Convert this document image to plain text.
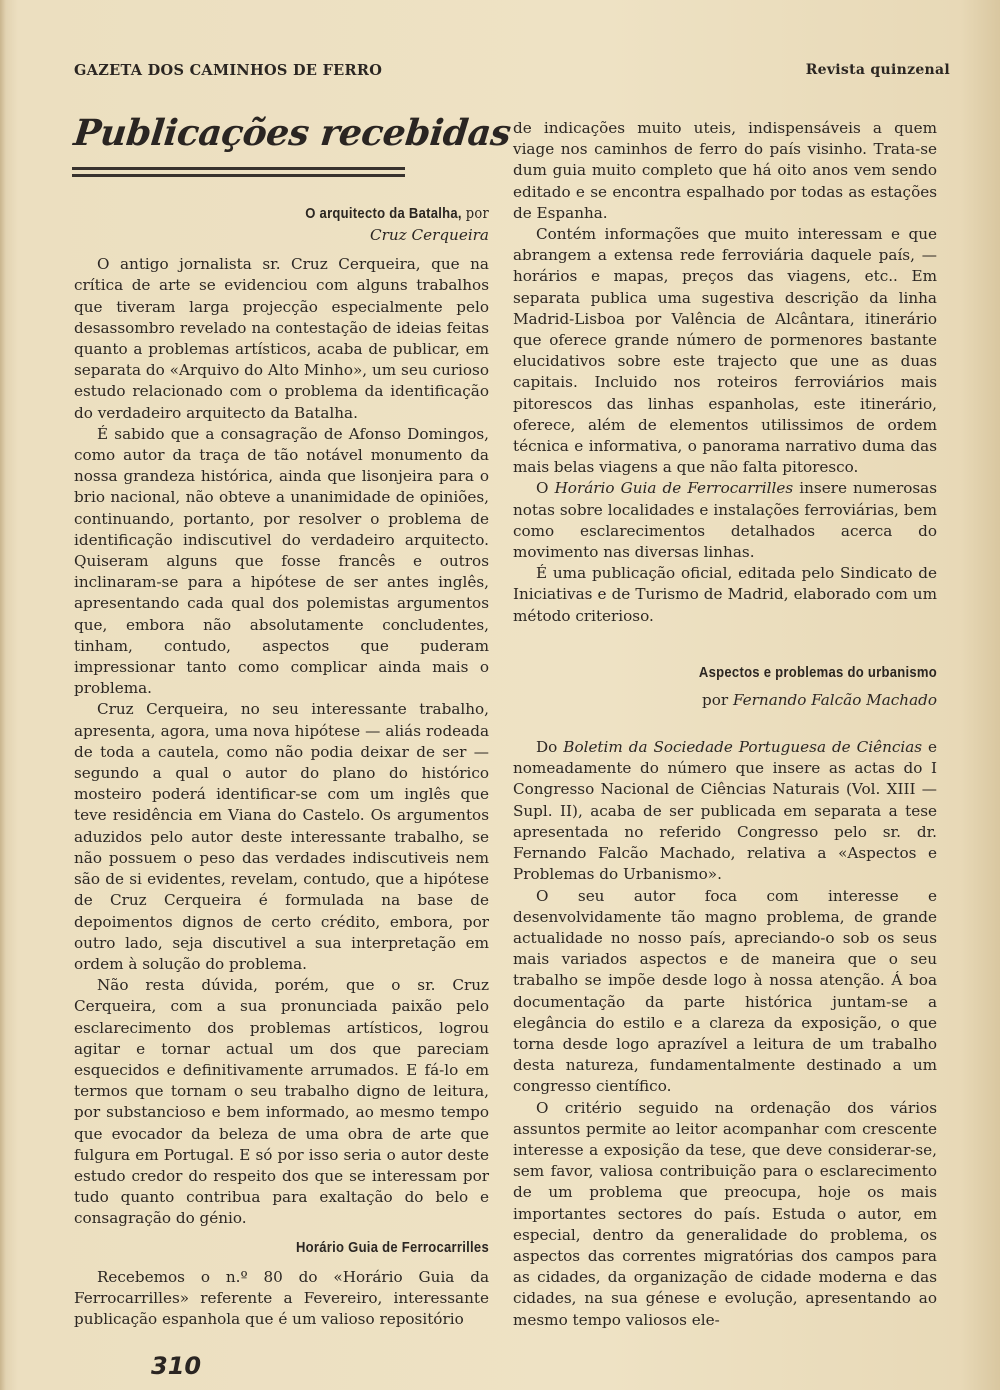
GAZETA DOS CAMINHOS DE FERRO	Revista quinzenal
Publicações recebidas

O arquitecto da Batalha, por

Cruz Cerqueira

O antigo jornalista sr. Cruz Cerqueira, que na crítica de arte se evidenciou com alguns trabalhos que tiveram larga projecção especialmente pelo desassombro revelado na contestação de ideias feitas quanto a problemas artísticos, acaba de publicar, em separata do «Arquivo do Alto Minho», um seu curioso estudo relacionado com o problema da identificação do verdadeiro arquitecto da Batalha.

É sabido que a consagração de Afonso Domingos, como autor da traça de tão notável monumento da nossa grandeza histórica, ainda que lisonjeira para o brio nacional, não obteve a unanimidade de opiniões, continuando, portanto, por resolver o problema de identificação indiscutivel do verdadeiro arquitecto. Quiseram alguns que fosse francês e outros inclinaram-se para a hipótese de ser antes inglês, apresentando cada qual dos polemistas argumentos que, embora não absolutamente concludentes, tinham, contudo, aspectos que puderam impressionar tanto como complicar ainda mais o problema.

Cruz Cerqueira, no seu interessante trabalho, apresenta, agora, uma nova hipótese — aliás rodeada de toda a cautela, como não podia deixar de ser — segundo a qual o autor do plano do histórico mosteiro poderá identificar-se com um inglês que teve residência em Viana do Castelo. Os argumentos aduzidos pelo autor deste interessante trabalho, se não possuem o peso das verdades indiscutiveis nem são de si evidentes, revelam, contudo, que a hipótese de Cruz Cerqueira é formulada na base de depoimentos dignos de certo crédito, embora, por outro lado, seja discutivel a sua interpretação em ordem à solução do problema.

Não resta dúvida, porém, que o sr. Cruz Cerqueira, com a sua pronunciada paixão pelo esclarecimento dos problemas artísticos, logrou agitar e tornar actual um dos que pareciam esquecidos e definitivamente arrumados. E fá-lo em termos que tornam o seu trabalho digno de leitura, por substancioso e bem informado, ao mesmo tempo que evocador da beleza de uma obra de arte que fulgura em Portugal. E só por isso seria o autor deste estudo credor do respeito dos que se interessam por tudo quanto contribua para exaltação do belo e consagração do génio.

Horário Guia de Ferrocarrilles

Recebemos o n.º 80 do «Horário Guia da Ferrocarrilles» referente a Fevereiro, interessante publicação espanhola que é um valioso repositório

de indicações muito uteis, indispensáveis a quem viage nos caminhos de ferro do país visinho. Trata-se dum guia muito completo que há oito anos vem sendo editado e se encontra espalhado por todas as estações de Espanha.

Contém informações que muito interessam e que abrangem a extensa rede ferroviária daquele país, — horários e mapas, preços das viagens, etc.. Em separata publica uma sugestiva descrição da linha Madrid-Lisboa por Valência de Alcântara, itinerário que oferece grande número de pormenores bastante elucidativos sobre este trajecto que une as duas capitais. Incluido nos roteiros ferroviários mais pitorescos das linhas espanholas, este itinerário, oferece, além de elementos utilissimos de ordem técnica e informativa, o panorama narrativo duma das mais belas viagens a que não falta pitoresco.

O Horário Guia de Ferrocarrilles insere numerosas notas sobre localidades e instalações ferroviárias, bem como esclarecimentos detalhados acerca do movimento nas diversas linhas.

É uma publicação oficial, editada pelo Sindicato de Iniciativas e de Turismo de Madrid, elaborado com um método criterioso.

Aspectos e problemas do urbanismo

por Fernando Falcão Machado

Do Boletim da Sociedade Portuguesa de Ciências e nomeadamente do número que insere as actas do I Congresso Nacional de Ciências Naturais (Vol. XIII — Supl. II), acaba de ser publicada em separata a tese apresentada no referido Congresso pelo sr. dr. Fernando Falcão Machado, relativa a «Aspectos e Problemas do Urbanismo».

O seu autor foca com interesse e desenvolvidamente tão magno problema, de grande actualidade no nosso país, apreciando-o sob os seus mais variados aspectos e de maneira que o seu trabalho se impõe desde logo à nossa atenção. Á boa documentação da parte histórica juntam-se a elegância do estilo e a clareza da exposição, o que torna desde logo aprazível a leitura de um trabalho desta natureza, fundamentalmente destinado a um congresso científico.

O critério seguido na ordenação dos vários assuntos permite ao leitor acompanhar com crescente interesse a exposição da tese, que deve considerar-se, sem favor, valiosa contribuição para o esclarecimento de um problema que preocupa, hoje os mais importantes sectores do país. Estuda o autor, em especial, dentro da generalidade do problema, os aspectos das correntes migratórias dos campos para as cidades, da organização de cidade moderna e das cidades, na sua génese e evolução, apresentando ao mesmo tempo valiosos ele-

310
